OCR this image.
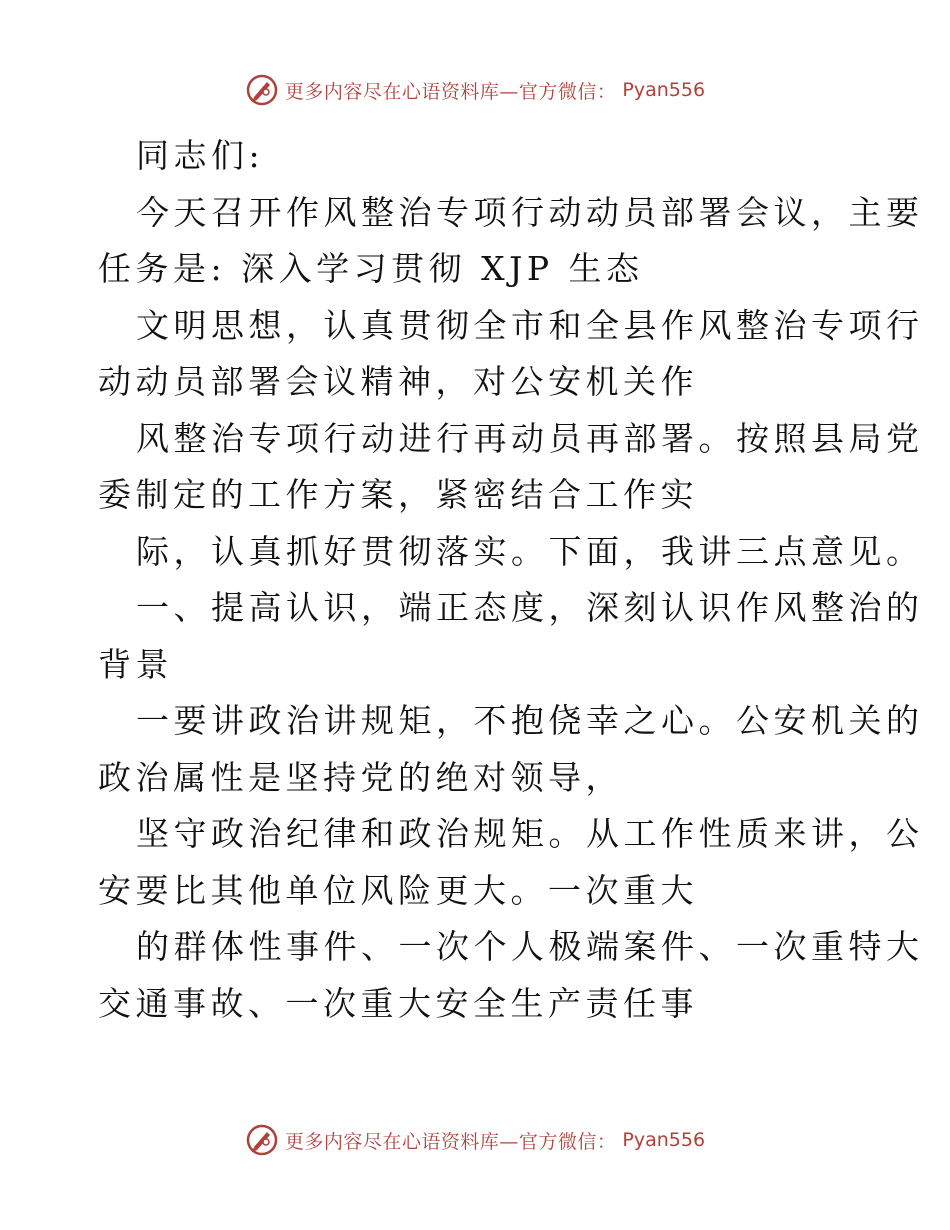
更多内容尽在心语资料库—官方微信： Pyan556
同志们:
今天召开作风整治专项行动动员部署会议，主要
任务是: 深入学习贯彻 XJP 生态
文明思想，认真贯彻全市和全县作风整治专项行
动动员部署会议精神，对公安机关作
风整治专项行动进行再动员再部署。按照县局党
委制定的工作方案，紧密结合工作实
际，认真抓好贯彻落实。下面，我讲三点意见。
一、提高认识，端正态度，深刻认识作风整治的
背景
一要讲政治讲规矩，不抱侥幸之心。公安机关的
政治属性是坚持党的绝对领导，
坚守政治纪律和政治规矩。从工作性质来讲，公
安要比其他单位风险更大。一次重大
的群体性事件、一次个人极端案件、一次重特大
交通事故、一次重大安全生产责任事
更多内容尽在心语资料库—官方微信： Pyan556
